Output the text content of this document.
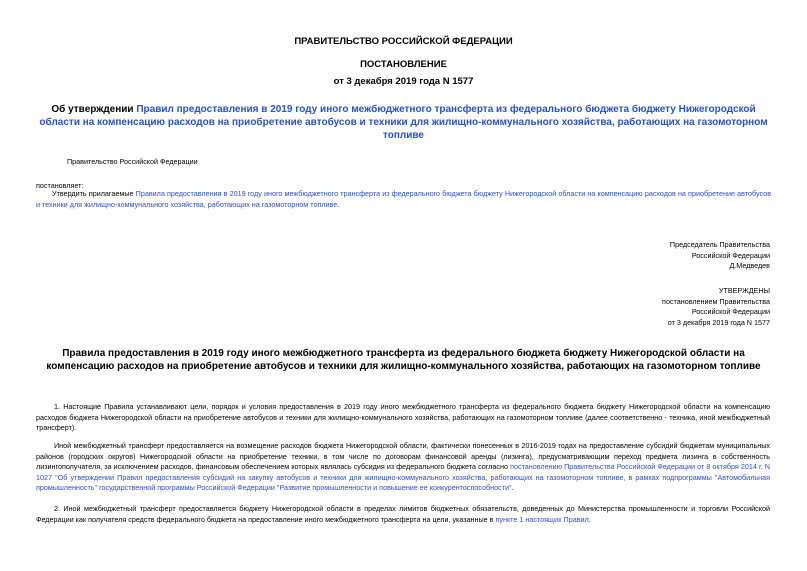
ПРАВИТЕЛЬСТВО РОССИЙСКОЙ ФЕДЕРАЦИИ
ПОСТАНОВЛЕНИЕ
от 3 декабря 2019 года N 1577
Об утверждении Правил предоставления в 2019 году иного межбюджетного трансферта из федерального бюджета бюджету Нижегородской области на компенсацию расходов на приобретение автобусов и техники для жилищно-коммунального хозяйства, работающих на газомоторном топливе
Правительство Российской Федерации
постановляет:
Утвердить прилагаемые Правила предоставления в 2019 году иного межбюджетного трансферта из федерального бюджета бюджету Нижегородской области на компенсацию расходов на приобретение автобусов и техники для жилищно-коммунального хозяйства, работающих на газомоторном топливе.
Председатель Правительства
Российской Федерации
Д.Медведев
УТВЕРЖДЕНЫ
постановлением Правительства
Российской Федерации
от 3 декабря 2019 года N 1577
Правила предоставления в 2019 году иного межбюджетного трансферта из федерального бюджета бюджету Нижегородской области на компенсацию расходов на приобретение автобусов и техники для жилищно-коммунального хозяйства, работающих на газомоторном топливе
1. Настоящие Правила устанавливают цели, порядок и условия предоставления в 2019 году иного межбюджетного трансферта из федерального бюджета бюджету Нижегородской области на компенсацию расходов бюджета Нижегородской области на приобретение автобусов и техники для жилищно-коммунального хозяйства, работающих на газомоторном топливе (далее соответственно - техника, иной межбюджетный трансферт).
Иной межбюджетный трансферт предоставляется на возмещение расходов бюджета Нижегородской области, фактически понесенных в 2016-2019 годах на предоставление субсидий бюджетам муниципальных районов (городских округов) Нижегородской области на приобретение техники, в том числе по договорам финансовой аренды (лизинга), предусматривающим переход предмета лизинга в собственность лизингополучателя, за исключением расходов, финансовым обеспечением которых являлась субсидия из федерального бюджета согласно постановлению Правительства Российской Федерации от 8 октября 2014 г. N 1027 "Об утверждении Правил предоставления субсидий на закупку автобусов и техники для жилищно-коммунального хозяйства, работающих на газомоторном топливе, в рамках подпрограммы "Автомобильная промышленность" государственной программы Российской Федерации "Развитие промышленности и повышение ее конкурентоспособности".
2. Иной межбюджетный трансферт предоставляется бюджету Нижегородской области в пределах лимитов бюджетных обязательств, доведенных до Министерства промышленности и торговли Российской Федерации как получателя средств федерального бюджета на предоставление иного межбюджетного трансферта на цели, указанные в пункте 1 настоящих Правил.
